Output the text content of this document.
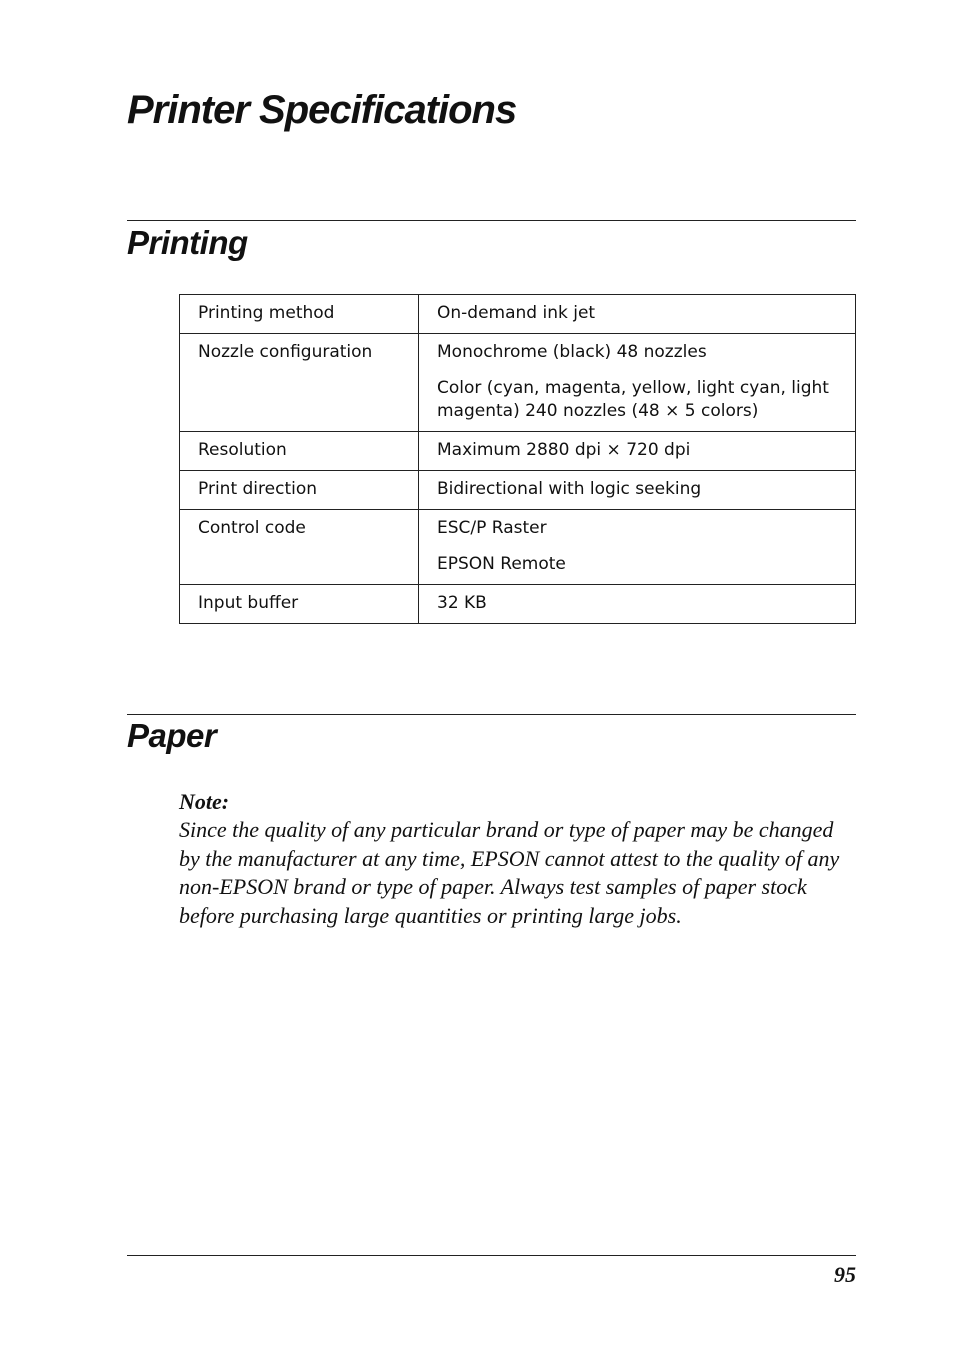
Printer Specifications
Printing
Printing method	On-demand ink jet

Nozzle configuration	Monochrome (black) 48 nozzles

Color (cyan, magenta, yellow, light cyan, light magenta) 240 nozzles (48 × 5 colors)

Resolution	Maximum 2880 dpi × 720 dpi

Print direction	Bidirectional with logic seeking

Control code	ESC/P Raster

EPSON Remote

Input buffer	32 KB

Paper
Note:
Since the quality of any particular brand or type of paper may be changed by the manufacturer at any time, EPSON cannot attest to the quality of any non-EPSON brand or type of paper. Always test samples of paper stock before purchasing large quantities or printing large jobs.
95
